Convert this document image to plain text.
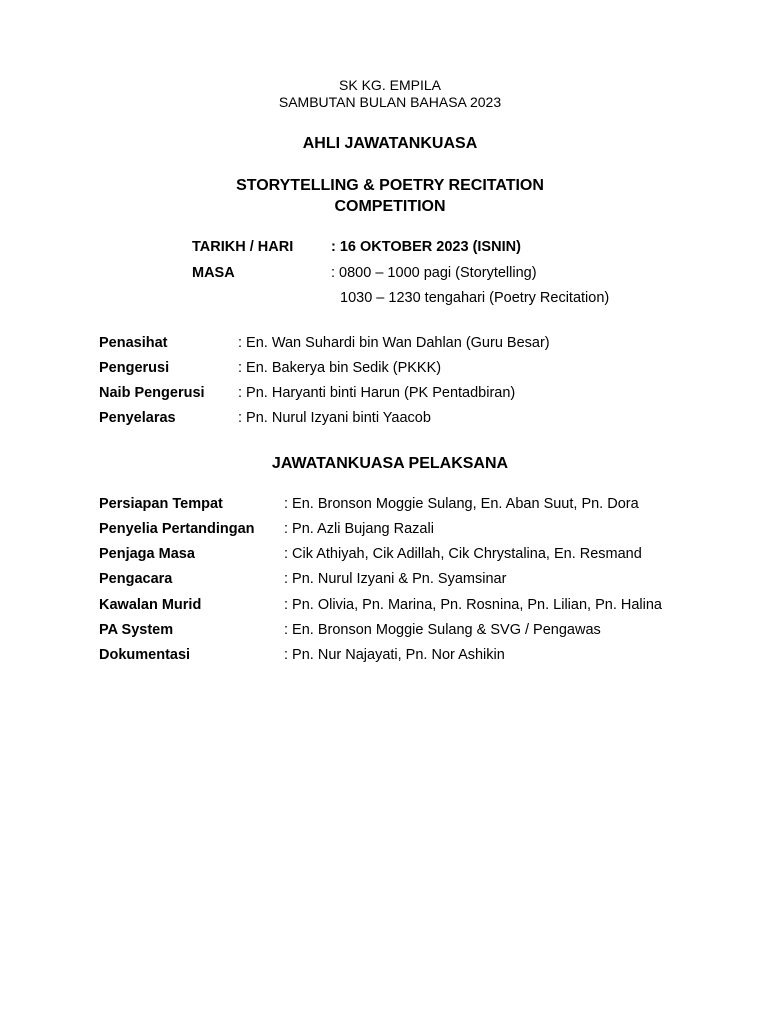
SK KG. EMPILA
SAMBUTAN BULAN BAHASA 2023
AHLI JAWATANKUASA
STORYTELLING & POETRY RECITATION
COMPETITION
TARIKH / HARI	: 16 OKTOBER 2023 (ISNIN)
MASA	: 0800 – 1000 pagi (Storytelling)
1030 – 1230 tengahari (Poetry Recitation)
Penasihat	: En. Wan Suhardi bin Wan Dahlan (Guru Besar)
Pengerusi	: En. Bakerya bin Sedik (PKKK)
Naib Pengerusi : Pn. Haryanti binti Harun (PK Pentadbiran)
Penyelaras	: Pn. Nurul Izyani binti Yaacob
JAWATANKUASA PELAKSANA
Persiapan Tempat	: En. Bronson Moggie Sulang, En. Aban Suut, Pn. Dora
Penyelia Pertandingan : Pn. Azli Bujang Razali
Penjaga Masa	: Cik Athiyah, Cik Adillah, Cik Chrystalina, En. Resmand
Pengacara	: Pn. Nurul Izyani & Pn. Syamsinar
Kawalan Murid	: Pn. Olivia, Pn. Marina, Pn. Rosnina, Pn. Lilian, Pn. Halina
PA System	: En. Bronson Moggie Sulang & SVG / Pengawas
Dokumentasi	: Pn. Nur Najayati, Pn. Nor Ashikin
